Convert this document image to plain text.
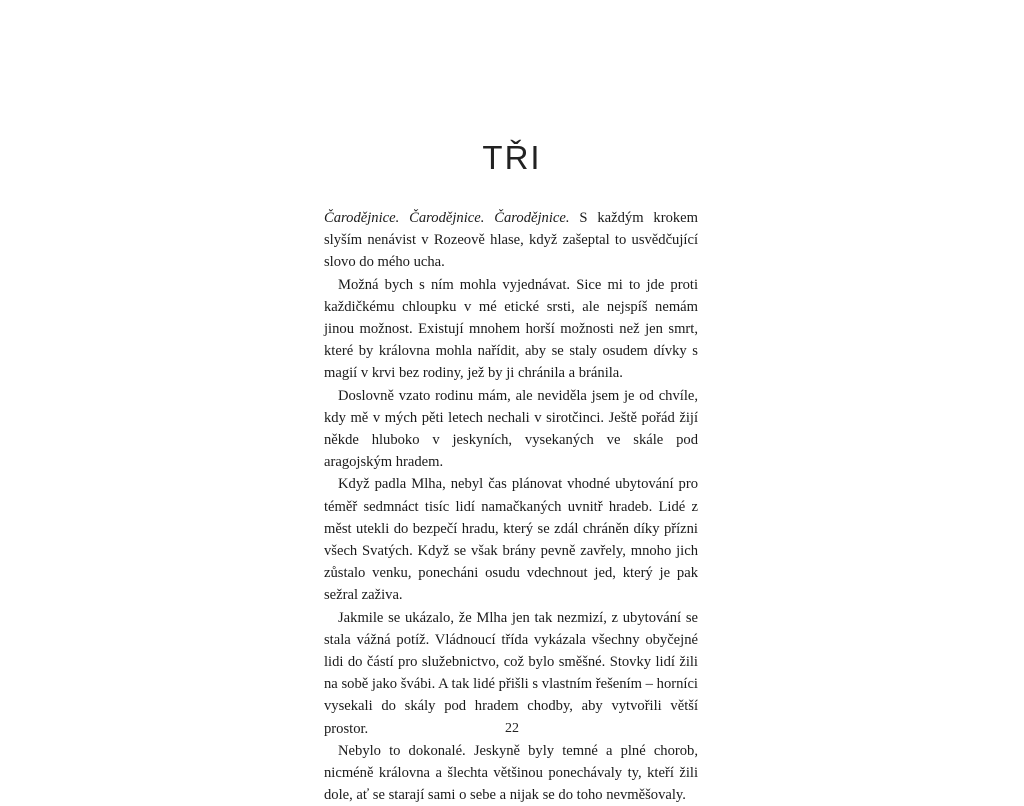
TŘI

Čarodějnice. Čarodějnice. Čarodějnice. S každým krokem slyším nenávist v Rozeově hlase, když zašeptal to usvědčující slovo do mého ucha.

Možná bych s ním mohla vyjednávat. Sice mi to jde proti každičkému chloupku v mé etické srsti, ale nejspíš nemám jinou možnost. Existují mnohem horší možnosti než jen smrt, které by královna mohla nařídit, aby se staly osudem dívky s magií v krvi bez rodiny, jež by ji chránila a bránila.

Doslovně vzato rodinu mám, ale neviděla jsem je od chvíle, kdy mě v mých pěti letech nechali v sirotčinci. Ještě pořád žijí někde hluboko v jeskyních, vysekaných ve skále pod aragojským hradem.

Když padla Mlha, nebyl čas plánovat vhodné ubytování pro téměř sedmnáct tisíc lidí namačkaných uvnitř hradeb. Lidé z měst utekli do bezpečí hradu, který se zdál chráněn díky přízni všech Svatých. Když se však brány pevně zavřely, mnoho jich zůstalo venku, ponecháni osudu vdechnout jed, který je pak sežral zaživa.

Jakmile se ukázalo, že Mlha jen tak nezmizí, z ubytování se stala vážná potíž. Vládnoucí třída vykázala všechny obyčejné lidi do částí pro služebnictvo, což bylo směšné. Stovky lidí žili na sobě jako švábi. A tak lidé přišli s vlastním řešením – horníci vysekali do skály pod hradem chodby, aby vytvořili větší prostor.

Nebylo to dokonalé. Jeskyně byly temné a plné chorob, nicméně královna a šlechta většinou ponechávaly ty, kteří žili dole, ať se starají sami o sebe a nijak se do toho nevměšovaly.

22
